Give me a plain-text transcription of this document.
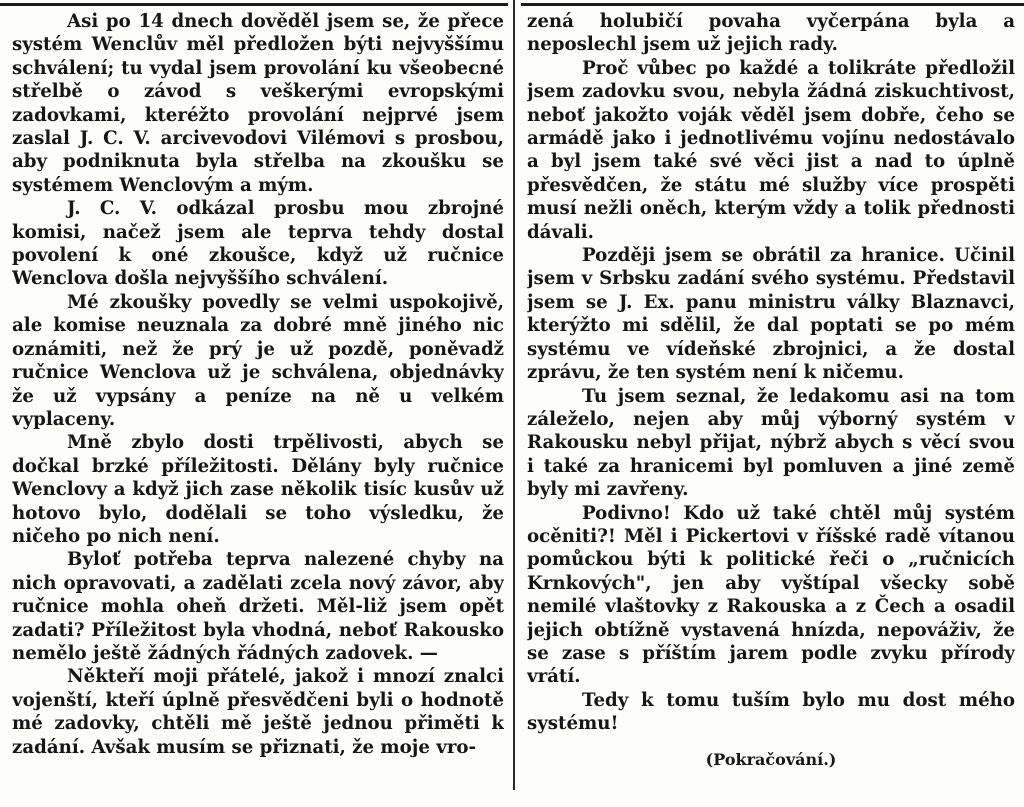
Asi po 14 dnech dověděl jsem se, že přece systém Wenclův měl předložen býti nejvyššímu schválení; tu vydal jsem provolání ku všeobecné střelbě o závod s veškerými evropskými zadovkami, kteréžto provolání nejprvé jsem zaslal J. C. V. arcivevodovi Vilémovi s prosbou, aby podniknuta byla střelba na zkoušku se systémem Wenclovým a mým.

J. C. V. odkázal prosbu mou zbrojné komisi, načež jsem ale teprva tehdy dostal povolení k oné zkoušce, když už ručnice Wenclova došla nejvyššího schválení.

Mé zkoušky povedly se velmi uspokojivě, ale komise neuznala za dobré mně jiného nic oznámiti, než že prý je už pozdě, poněvadž ručnice Wenclova už je schválena, objednávky že už vypsány a peníze na ně u velkém vyplaceny.

Mně zbylo dosti trpělivosti, abych se dočkal brzké příležitosti. Dělány byly ručnice Wenclovy a když jich zase několik tisíc kusův už hotovo bylo, dodělali se toho výsledku, že ničeho po nich není.

Byloť potřeba teprva nalezené chyby na nich opravovati, a zadělati zcela nový závor, aby ručnice mohla oheň držeti. Měl-liž jsem opět zadati? Příležitost byla vhodná, neboť Rakousko nemělo ještě žádných řádných zadovek. —

Někteří moji přátelé, jakož i mnozí znalci vojenští, kteří úplně přesvědčeni byli o hodnotě mé zadovky, chtěli mě ještě jednou přiměti k zadání. Avšak musím se přiznati, že moje vro-

zená holubičí povaha vyčerpána byla a neposlechl jsem už jejich rady.

Proč vůbec po každé a tolikráte předložil jsem zadovku svou, nebyla žádná ziskuchtivost, neboť jakožto voják věděl jsem dobře, čeho se armádě jako i jednotlivému vojínu nedostávalo a byl jsem také své věci jist a nad to úplně přesvědčen, že státu mé služby více prospěti musí nežli oněch, kterým vždy a tolik přednosti dávali.

Později jsem se obrátil za hranice. Učinil jsem v Srbsku zadání svého systému. Představil jsem se J. Ex. panu ministru války Blaznavci, kterýžto mi sdělil, že dal poptati se po mém systému ve vídeňské zbrojnici, a že dostal zprávu, že ten systém není k ničemu.

Tu jsem seznal, že ledakomu asi na tom záleželo, nejen aby můj výborný systém v Rakousku nebyl přijat, nýbrž abych s věcí svou i také za hranicemi byl pomluven a jiné země byly mi zavřeny.

Podivno! Kdo už také chtěl můj systém ocěniti?! Měl i Pickertovi v říšské radě vítanou pomůckou býti k politické řeči o „ručnicích Krnkových", jen aby vyštípal všecky sobě nemilé vlaštovky z Rakouska a z Čech a osadil jejich obtížně vystavená hnízda, nepováživ, že se zase s příštím jarem podle zvyku přírody vrátí.

Tedy k tomu tuším bylo mu dost mého systému!

(Pokračování.)
